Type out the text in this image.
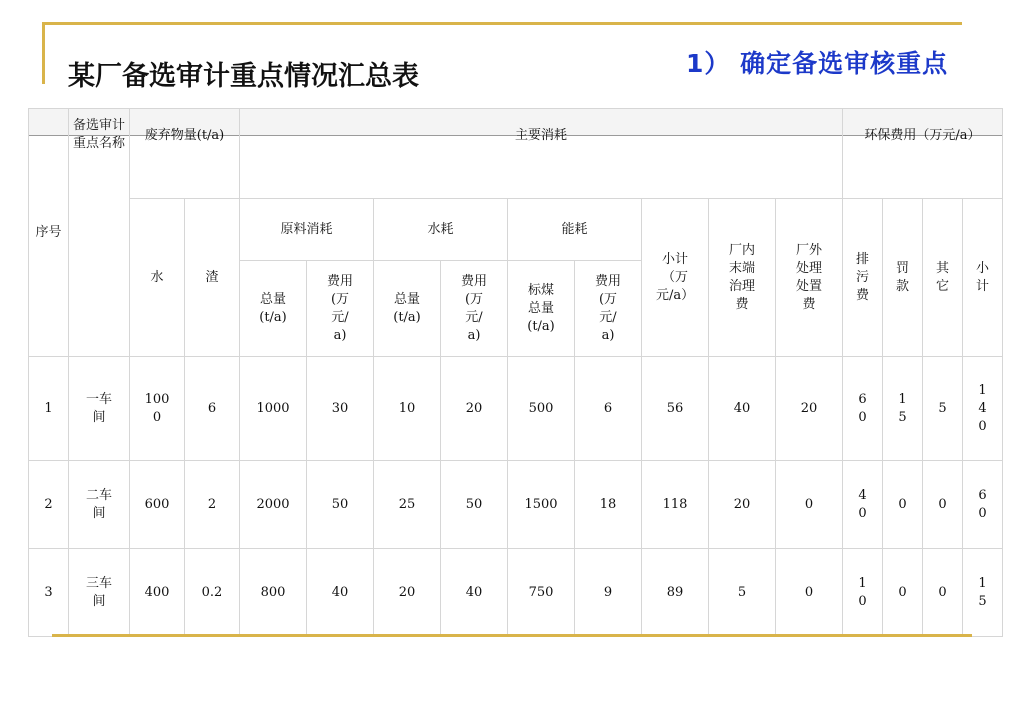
某厂备选审计重点情况汇总表	1） 确定备选审核重点
序号	备选审计重点名称	废弃物量(t/a)		主要消耗									环保费用（万元/a）			
		水	渣	原料消耗		水耗		能耗		小计（万元/a）	厂内末端治理费	厂外处理处置费	排污费	罚款	其它	小计
				总量(t/a)	费用(万元/a)	总量(t/a)	费用(万元/a)	标煤总量(t/a)	费用(万元/a)							
1	一车间	1000	6	1000	30	10	20	500	6	56	40	20	60	15	5	140
2	二车间	600	2	2000	50	25	50	1500	18	118	20	0	40	0	0	60
3	三车间	400	0.2	800	40	20	40	750	9	89	5	0	10	0	0	15
